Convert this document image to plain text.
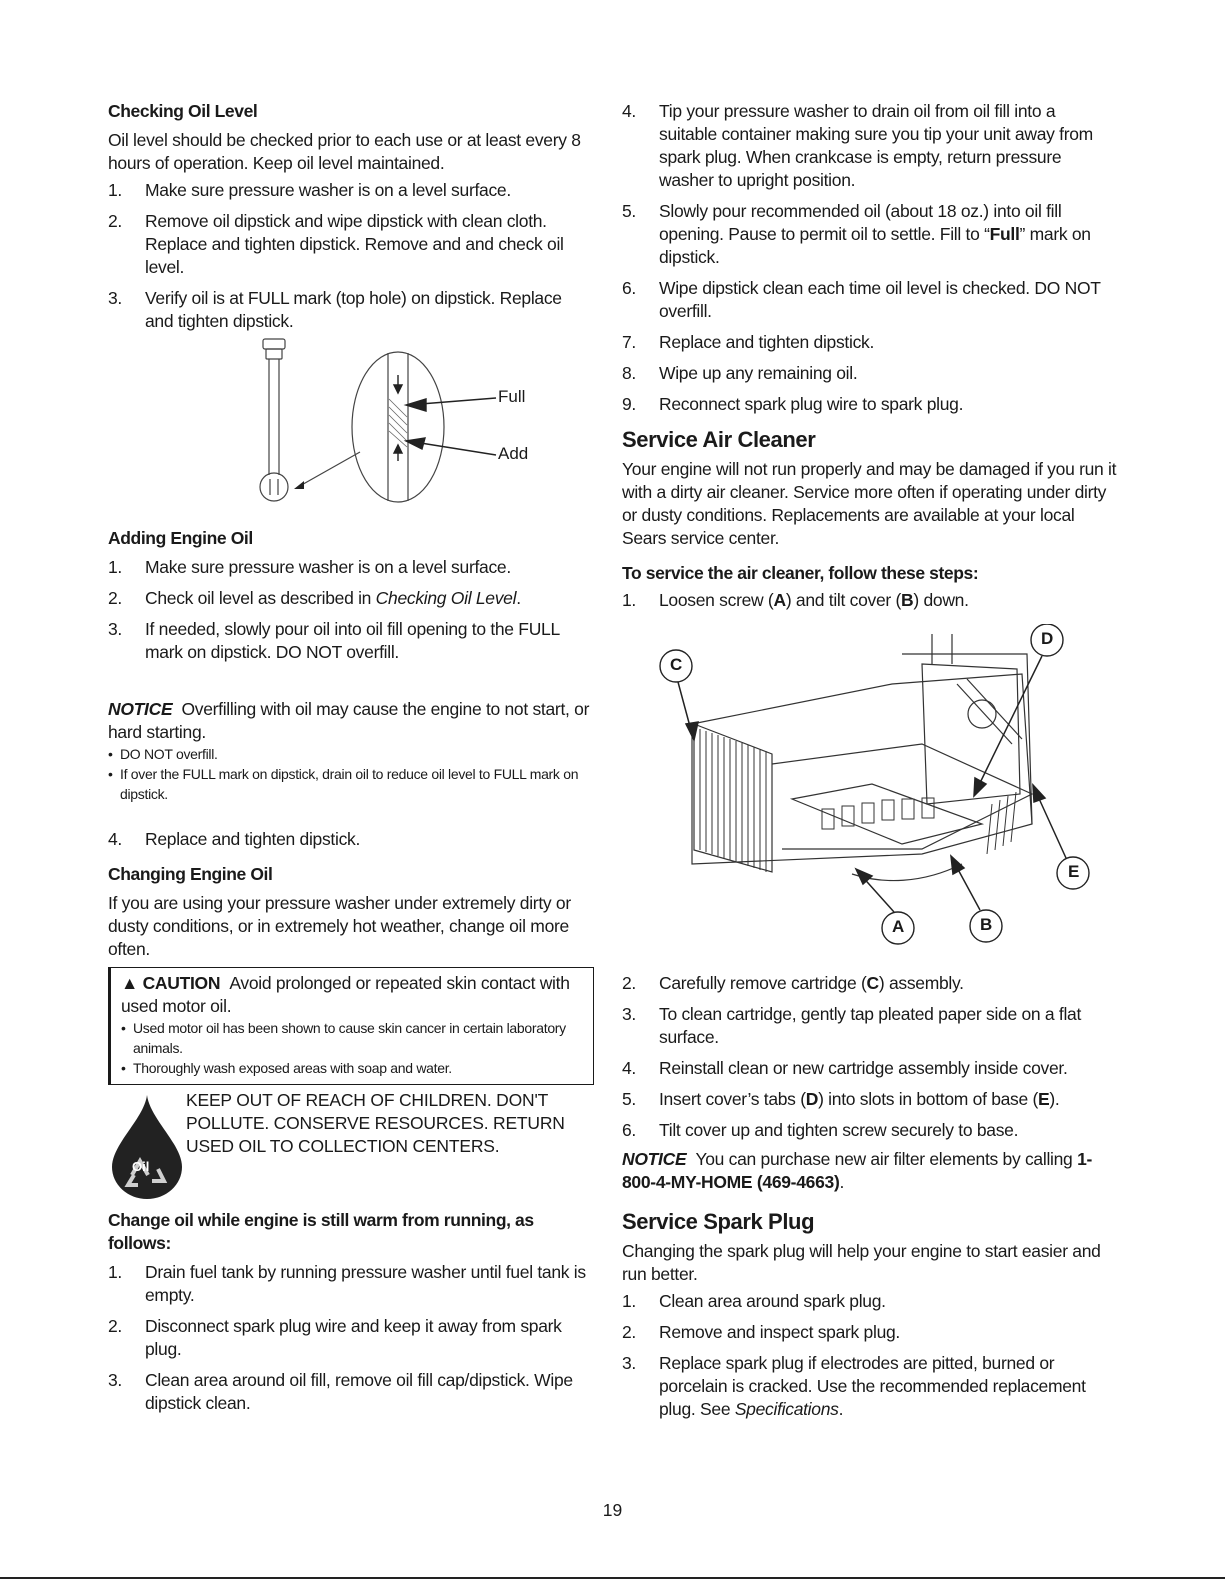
Checking Oil Level

Oil level should be checked prior to each use or at least every 8 hours of operation. Keep oil level maintained.

1.	Make sure pressure washer is on a level surface.
2.	Remove oil dipstick and wipe dipstick with clean cloth. Replace and tighten dipstick. Remove and and check oil level.
3.	Verify oil is at FULL mark (top hole) on dipstick. Replace and tighten dipstick.
Full
Add
Adding Engine Oil
1.	Make sure pressure washer is on a level surface.
2.	Check oil level as described in Checking Oil Level.
3.	If needed, slowly pour oil into oil fill opening to the FULL mark on dipstick. DO NOT overfill.

NOTICE Overfilling with oil may cause the engine to not start, or hard starting.

• DO NOT overfill.
• If over the FULL mark on dipstick, drain oil to reduce oil level to FULL mark on dipstick.
4.	Replace and tighten dipstick.
Changing Engine Oil

If you are using your pressure washer under extremely dirty or dusty conditions, or in extremely hot weather, change oil more often.

▲ CAUTION Avoid prolonged or repeated skin contact with used motor oil.

• Used motor oil has been shown to cause skin cancer in certain laboratory animals.
• Thoroughly wash exposed areas with soap and water.
Oil

KEEP OUT OF REACH OF CHILDREN. DON'T POLLUTE. CONSERVE RESOURCES. RETURN USED OIL TO COLLECTION CENTERS.

Change oil while engine is still warm from running, as follows:
1.	Drain fuel tank by running pressure washer until fuel tank is empty.
2.	Disconnect spark plug wire and keep it away from spark plug.
3.	Clean area around oil fill, remove oil fill cap/dipstick. Wipe dipstick clean.
4.	Tip your pressure washer to drain oil from oil fill into a suitable container making sure you tip your unit away from spark plug. When crankcase is empty, return pressure washer to upright position.
5.	Slowly pour recommended oil (about 18 oz.) into oil fill opening. Pause to permit oil to settle. Fill to “Full” mark on dipstick.
6.	Wipe dipstick clean each time oil level is checked. DO NOT overfill.
7.	Replace and tighten dipstick.
8.	Wipe up any remaining oil.
9.	Reconnect spark plug wire to spark plug.
Service Air Cleaner

Your engine will not run properly and may be damaged if you run it with a dirty air cleaner. Service more often if operating under dirty or dusty conditions. Replacements are available at your local Sears service center.

To service the air cleaner, follow these steps:
1.	Loosen screw (A) and tilt cover (B) down.
C
D
E
A	B
2.	Carefully remove cartridge (C) assembly.
3.	To clean cartridge, gently tap pleated paper side on a flat surface.
4.	Reinstall clean or new cartridge assembly inside cover.
5.	Insert cover’s tabs (D) into slots in bottom of base (E).
6.	Tilt cover up and tighten screw securely to base.

NOTICE You can purchase new air filter elements by calling 1-800-4-MY-HOME (469-4663).

Service Spark Plug

Changing the spark plug will help your engine to start easier and run better.

1.	Clean area around spark plug.
2.	Remove and inspect spark plug.
3.	Replace spark plug if electrodes are pitted, burned or porcelain is cracked. Use the recommended replacement plug. See Specifications.
19
